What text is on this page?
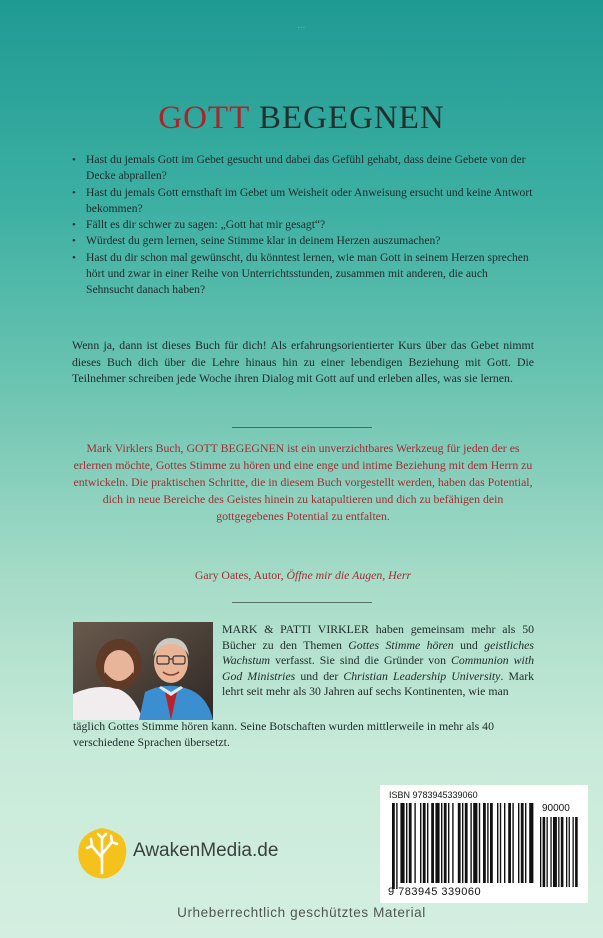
...
GOTT BEGEGNEN
• Hast du jemals Gott im Gebet gesucht und dabei das Gefühl gehabt, dass deine Gebete von der Decke abprallen?
• Hast du jemals Gott ernsthaft im Gebet um Weisheit oder Anweisung ersucht und keine Antwort bekommen?
• Fällt es dir schwer zu sagen: „Gott hat mir gesagt“?
• Würdest du gern lernen, seine Stimme klar in deinem Herzen auszumachen?
• Hast du dir schon mal gewünscht, du könntest lernen, wie man Gott in seinem Herzen sprechen hört und zwar in einer Reihe von Unterrichtsstunden, zusammen mit anderen, die auch Sehnsucht danach haben?

Wenn ja, dann ist dieses Buch für dich! Als erfahrungsorientierter Kurs über das Gebet nimmt dieses Buch dich über die Lehre hinaus hin zu einer lebendigen Beziehung mit Gott. Die Teilnehmer schreiben jede Woche ihren Dialog mit Gott auf und erleben alles, was sie lernen.

Mark Virklers Buch, GOTT BEGEGNEN ist ein unverzichtbares Werkzeug für jeden der es erlernen möchte, Gottes Stimme zu hören und eine enge und intime Beziehung mit dem Herrn zu entwickeln. Die praktischen Schritte, die in diesem Buch vorgestellt werden, haben das Potential, dich in neue Bereiche des Geistes hinein zu katapultieren und dich zu befähigen dein gottgegebenes Potential zu entfalten.

Gary Oates, Autor, Öffne mir die Augen, Herr

MARK & PATTI VIRKLER haben gemeinsam mehr als 50 Bücher zu den Themen Gottes Stimme hören und geistliches Wachstum verfasst. Sie sind die Gründer von Communion with God Ministries und der Christian Leadership University. Mark lehrt seit mehr als 30 Jahren auf sechs Kontinenten, wie man

täglich Gottes Stimme hören kann. Seine Botschaften wurden mittlerweile in mehr als 40 verschiedene Sprachen übersetzt.

AwakenMedia.de
ISBN 9783945339060
90000
9 783945 339060
Urheberrechtlich geschütztes Material
